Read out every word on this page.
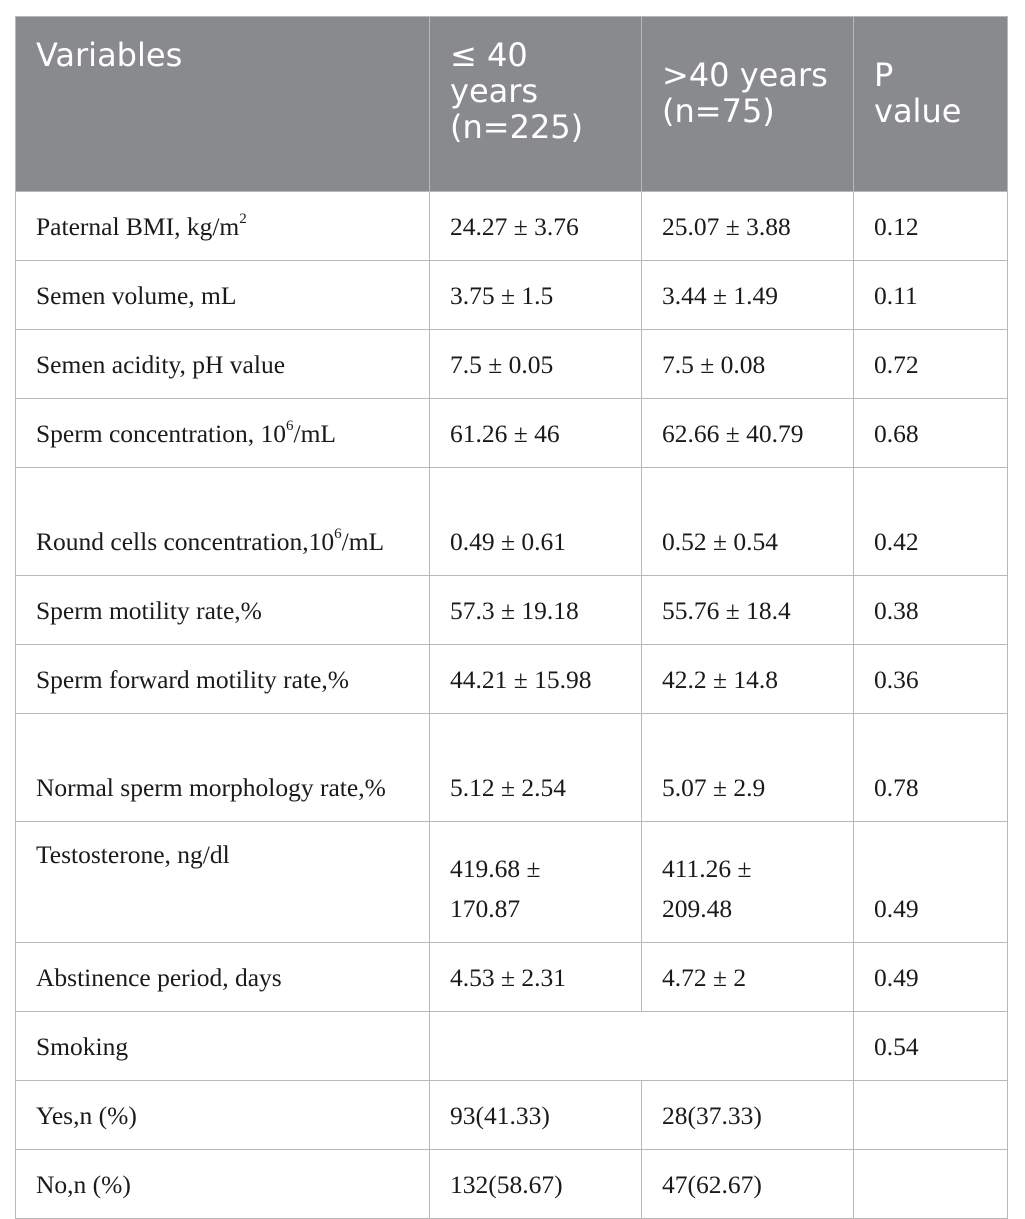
Variables	≤ 40 years (n=225)	>40 years (n=75)	P value
Paternal BMI, $kg/m^2$	24.27 ± 3.76	25.07 ± 3.88	0.12
Semen volume, mL	3.75 ± 1.5	3.44 ± 1.49	0.11
Semen acidity, pH value	7.5 ± 0.05	7.5 ± 0.08	0.72
Sperm concentration, $10^6/mL$	61.26 ± 46	62.66 ± 40.79	0.68
Round cells $concentration,10^6/mL$	0.49 ± 0.61	0.52 ± 0.54	0.42
Sperm motility rate,%	57.3 ± 19.18	55.76 ± 18.4	0.38
Sperm forward motility rate,%	44.21 ± 15.98	42.2 ± 14.8	0.36
Normal sperm morphology rate,%	5.12 ± 2.54	5.07 ± 2.9	0.78
Testosterone, ng/dl	419.68 ± 170.87	411.26 ± 209.48	0.49
Abstinence period, days	4.53 ± 2.31	4.72 ± 2	0.49
Smoking			0.54
Yes,n (%)	93(41.33)	28(37.33)	
No,n (%)	132(58.67)	47(62.67)	
